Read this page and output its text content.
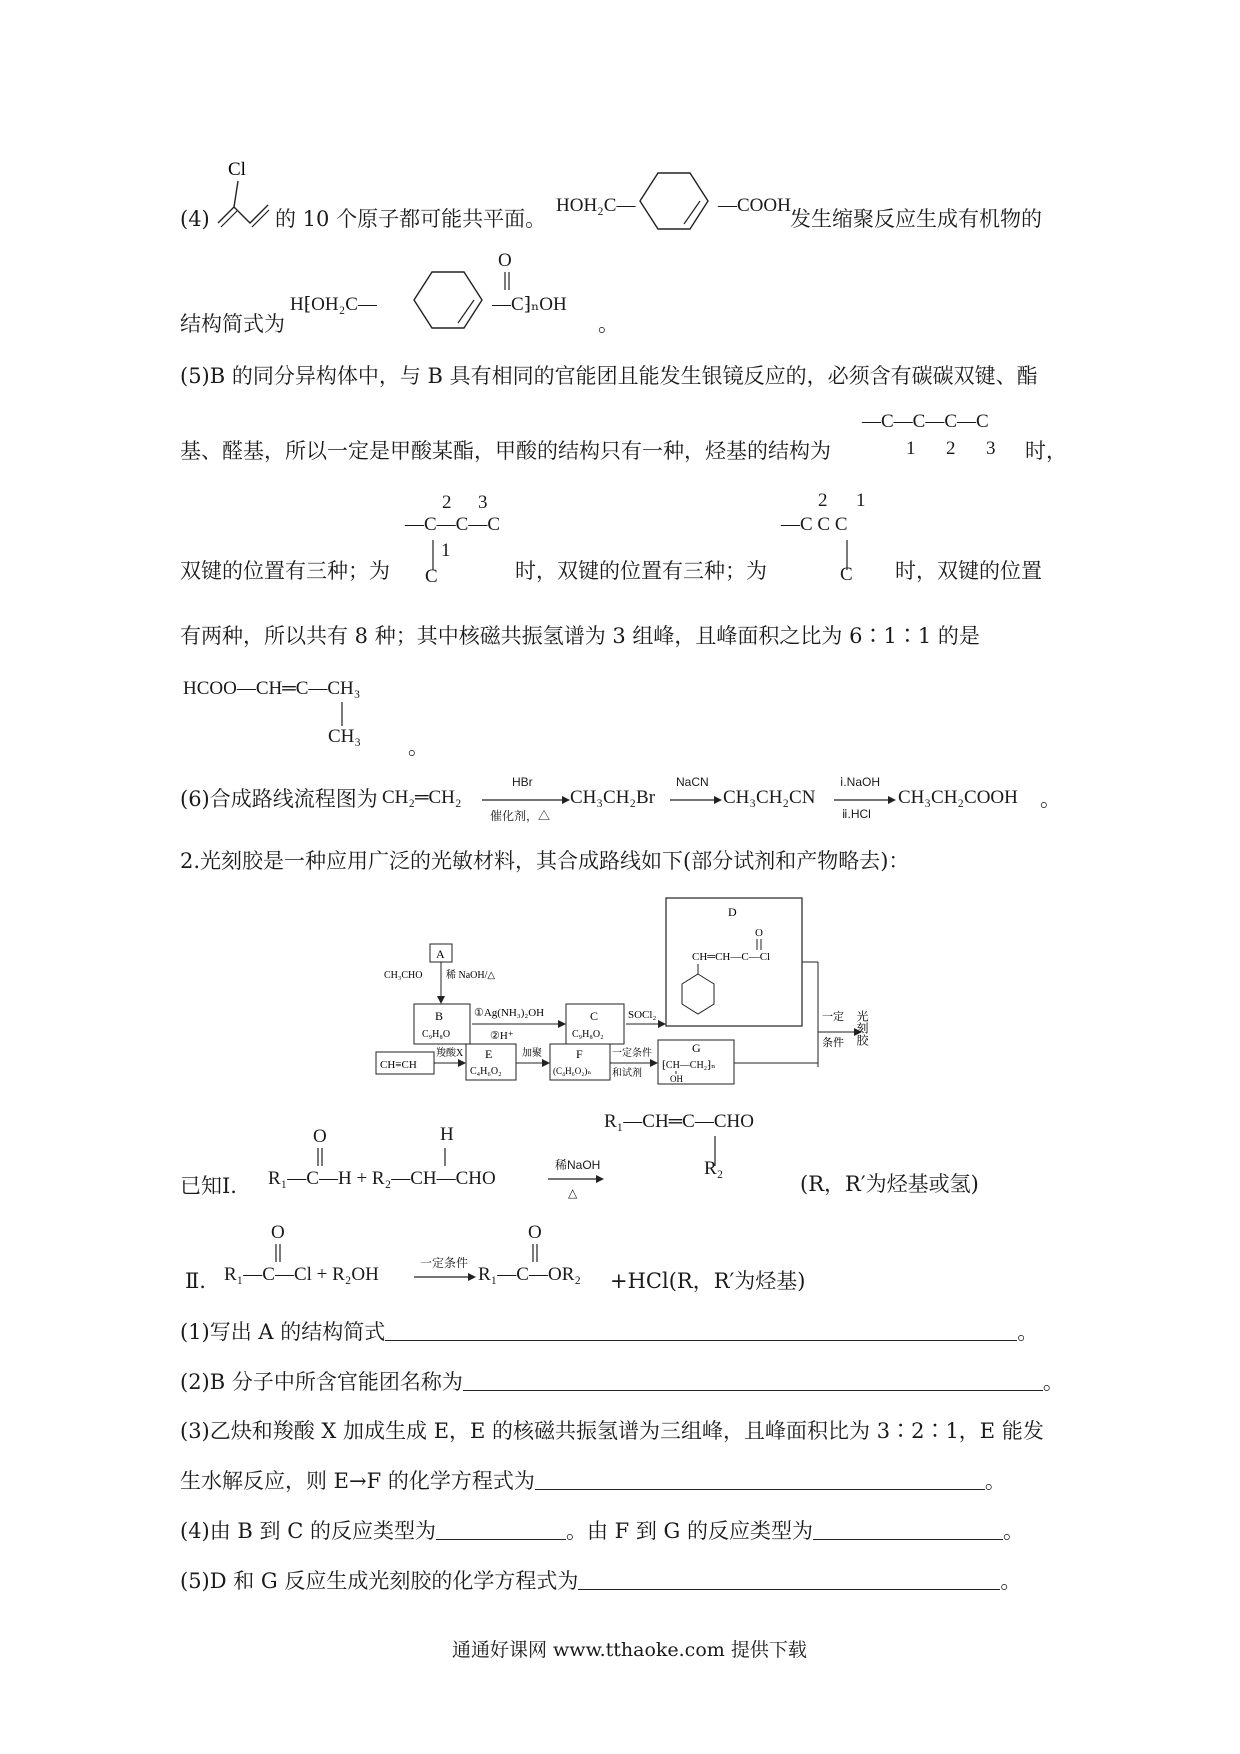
(4)
Cl
的 10 个原子都可能共平面。
HOH₂C—	—COOH
发生缩聚反应生成有机物的
结构简式为
H⁅OH₂C—	—C⁆ₙOH
O
。
(5)B 的同分异构体中，与 B 具有相同的官能团且能发生银镜反应的，必须含有碳碳双键、酯
基、醛基，所以一定是甲酸某酯，甲酸的结构只有一种，烃基的结构为
—C—C—C—C
1 2 3 时，
2 3
—C—C—C
1
C
2 1
—C C C
C
双键的位置有三种；为	时，双键的位置有三种；为	时，双键的位置
有两种，所以共有 8 种；其中核磁共振氢谱为 3 组峰，且峰面积之比为 6∶1∶1 的是
HCOO—CH═C—CH₃
CH₃ 。
(6)合成路线流程图为 CH₂═CH₂
HBr
催化剂，△
CH₃CH₂Br
NaCN
CH₃CH₂CN
ⅰ.NaOH
ⅱ.HCl
CH₃CH₂COOH 。
2.光刻胶是一种应用广泛的光敏材料，其合成路线如下(部分试剂和产物略去)：
A
CH₃CHO 稀 NaOH/△
B
C₉H₈O
①Ag(NH₃)₂OH
②H⁺
C
C₉H₈O₂
SOCl₂
D
O
CH═CH—C—Cl
一定
条件 光刻胶
CH≡CH
羧酸X E
C₄H₆O₂
加聚	F
(C₄H₆O₂)ₙ
一定条件
和试剂
G
⁅CH—CH₂⁆ₙ
OH
已知Ⅰ. R₁—C—H + R₂—CH—CHO
O	H
稀NaOH
△
R₁—CH═C—CHO
R₂
(R，R′为烃基或氢)
Ⅱ. R₁—C—Cl + R₂OH
O
一定条件
R₁—C—OR₂
O
+HCl(R，R′为烃基)
(1)写出 A 的结构简式	。
(2)B 分子中所含官能团名称为	。
(3)乙炔和羧酸 X 加成生成 E，E 的核磁共振氢谱为三组峰，且峰面积比为 3∶2∶1，E 能发
生水解反应，则 E→F 的化学方程式为	。
(4)由 B 到 C 的反应类型为	。由 F 到 G 的反应类型为	。
(5)D 和 G 反应生成光刻胶的化学方程式为	。
通通好课网 www.tthaoke.com 提供下载
